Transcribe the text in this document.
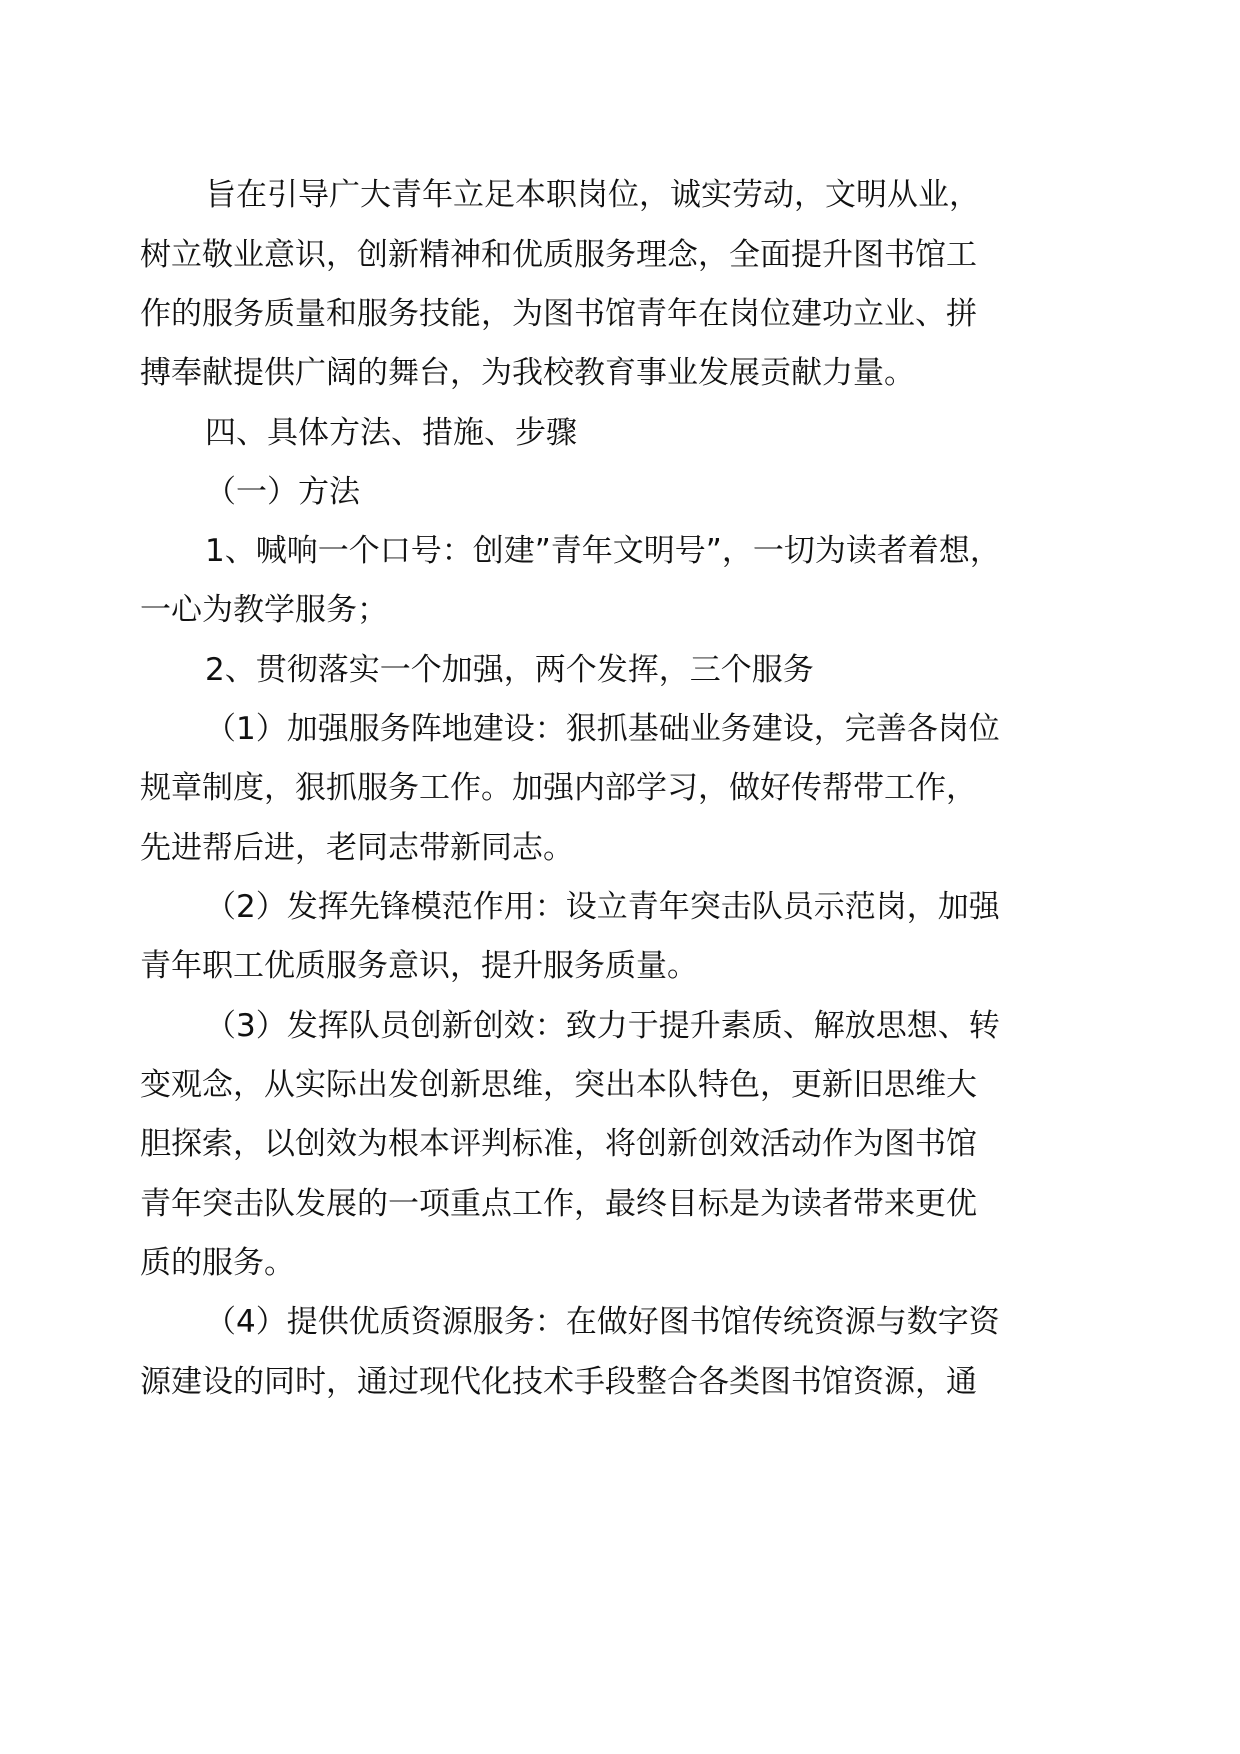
旨在引导广大青年立足本职岗位，诚实劳动，文明从业，
树立敬业意识，创新精神和优质服务理念，全面提升图书馆工
作的服务质量和服务技能，为图书馆青年在岗位建功立业、拼
搏奉献提供广阔的舞台，为我校教育事业发展贡献力量。
四、具体方法、措施、步骤
（一）方法
1、喊响一个口号：创建”青年文明号”，一切为读者着想，
一心为教学服务；
2、贯彻落实一个加强，两个发挥，三个服务
（1）加强服务阵地建设：狠抓基础业务建设，完善各岗位
规章制度，狠抓服务工作。加强内部学习，做好传帮带工作，
先进帮后进，老同志带新同志。
（2）发挥先锋模范作用：设立青年突击队员示范岗，加强
青年职工优质服务意识，提升服务质量。
（3）发挥队员创新创效：致力于提升素质、解放思想、转
变观念，从实际出发创新思维，突出本队特色，更新旧思维大
胆探索，以创效为根本评判标准，将创新创效活动作为图书馆
青年突击队发展的一项重点工作，最终目标是为读者带来更优
质的服务。
（4）提供优质资源服务：在做好图书馆传统资源与数字资
源建设的同时，通过现代化技术手段整合各类图书馆资源，通
